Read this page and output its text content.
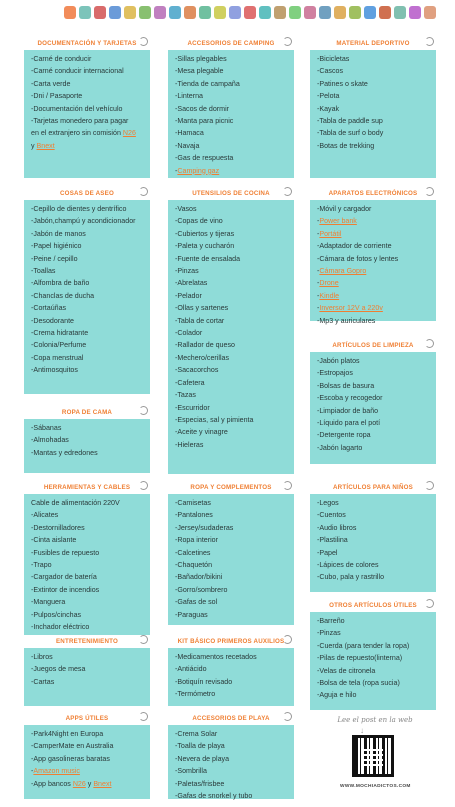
DOCUMENTACIÓN Y TARJETAS
-Carné de conducir
-Carné conducir internacional
-Carta verde
-Dni / Pasaporte
-Documentación del vehículo
-Tarjetas monedero para pagar
en el extranjero sin comisión N26
y Bnext
ACCESORIOS DE CAMPING
-Sillas plegables
-Mesa plegable
-Tienda de campaña
-Linterna
-Sacos de dormir
-Manta para picnic
-Hamaca
-Navaja
-Gas de respuesta
-Camping gaz
MATERIAL DEPORTIVO
-Bicicletas
-Cascos
-Patines o skate
-Pelota
-Kayak
-Tabla de paddle sup
-Tabla de surf o body
-Botas de trekking
COSAS DE ASEO
-Cepillo de dientes y dentrífico
-Jabón,champú y acondicionador
-Jabón de manos
-Papel higiénico
-Peine / cepillo
-Toallas
-Alfombra de baño
-Chanclas de ducha
-Cortaúñas
-Desodorante
-Crema hidratante
-Colonia/Perfume
-Copa menstrual
-Antimosquitos
UTENSILIOS DE COCINA
-Vasos
-Copas de vino
-Cubiertos y tijeras
-Paleta y cucharón
-Fuente de ensalada
-Pinzas
-Abrelatas
-Pelador
-Ollas y sartenes
-Tabla de cortar
-Colador
-Rallador de queso
-Mechero/cerillas
-Sacacorchos
-Cafetera
-Tazas
-Escurridor
-Especias, sal y pimienta
-Aceite y vinagre
-Hieleras
APARATOS ELECTRÓNICOS
-Móvil y cargador
-Power bank
-Portátil
-Adaptador de corriente
-Cámara de fotos y lentes
-Cámara Gopro
-Drone
-Kindle
-Inversor 12V a 220v
-Mp3 y auriculares
ARTÍCULOS DE LIMPIEZA
-Jabón platos
-Estropajos
-Bolsas de basura
-Escoba y recogedor
-Limpiador de baño
-Líquido para el potí
-Detergente ropa
-Jabón lagarto
ROPA DE CAMA
-Sábanas
-Almohadas
-Mantas y edredones
HERRAMIENTAS Y CABLES
Cable de alimentación 220V
-Alicates
-Destornilladores
-Cinta aislante
-Fusibles de repuesto
-Trapo
-Cargador de batería
-Extintor de incendios
-Manguera
-Pulpos/cinchas
-Inchador eléctrico
ROPA Y COMPLEMENTOS
-Camisetas
-Pantalones
-Jersey/sudaderas
-Ropa interior
-Calcetines
-Chaquetón
-Bañador/bikini
-Gorro/sombrero
-Gafas de sol
-Paraguas
ARTÍCULOS PARA NIÑOS
-Legos
-Cuentos
-Audio libros
-Plastilina
-Papel
-Lápices de colores
-Cubo, pala y rastrillo
OTROS ARTÍCULOS ÚTILES
-Barreño
-Pinzas
-Cuerda (para tender la ropa)
-Pilas de repuesto(linterna)
-Velas de citronela
-Bolsa de tela (ropa sucia)
-Aguja e hilo
ENTRETENIMIENTO
-Libros
-Juegos de mesa
-Cartas
KIT BÁSICO PRIMEROS AUXILIOS
-Medicamentos recetados
-Antiácido
-Botiquín revisado
-Termómetro
APPS ÚTILES
-Park4Night en Europa
-CamperMate en Australia
-App gasolineras baratas
-Amazon music
-App bancos N26 y Bnext
ACCESORIOS DE PLAYA
-Crema Solar
-Toalla de playa
-Nevera de playa
-Sombrilla
-Paletas/frisbee
-Gafas de snorkel y tubo
Lee el post en la web
↓
WWW.MOCHIADICTOS.COM
